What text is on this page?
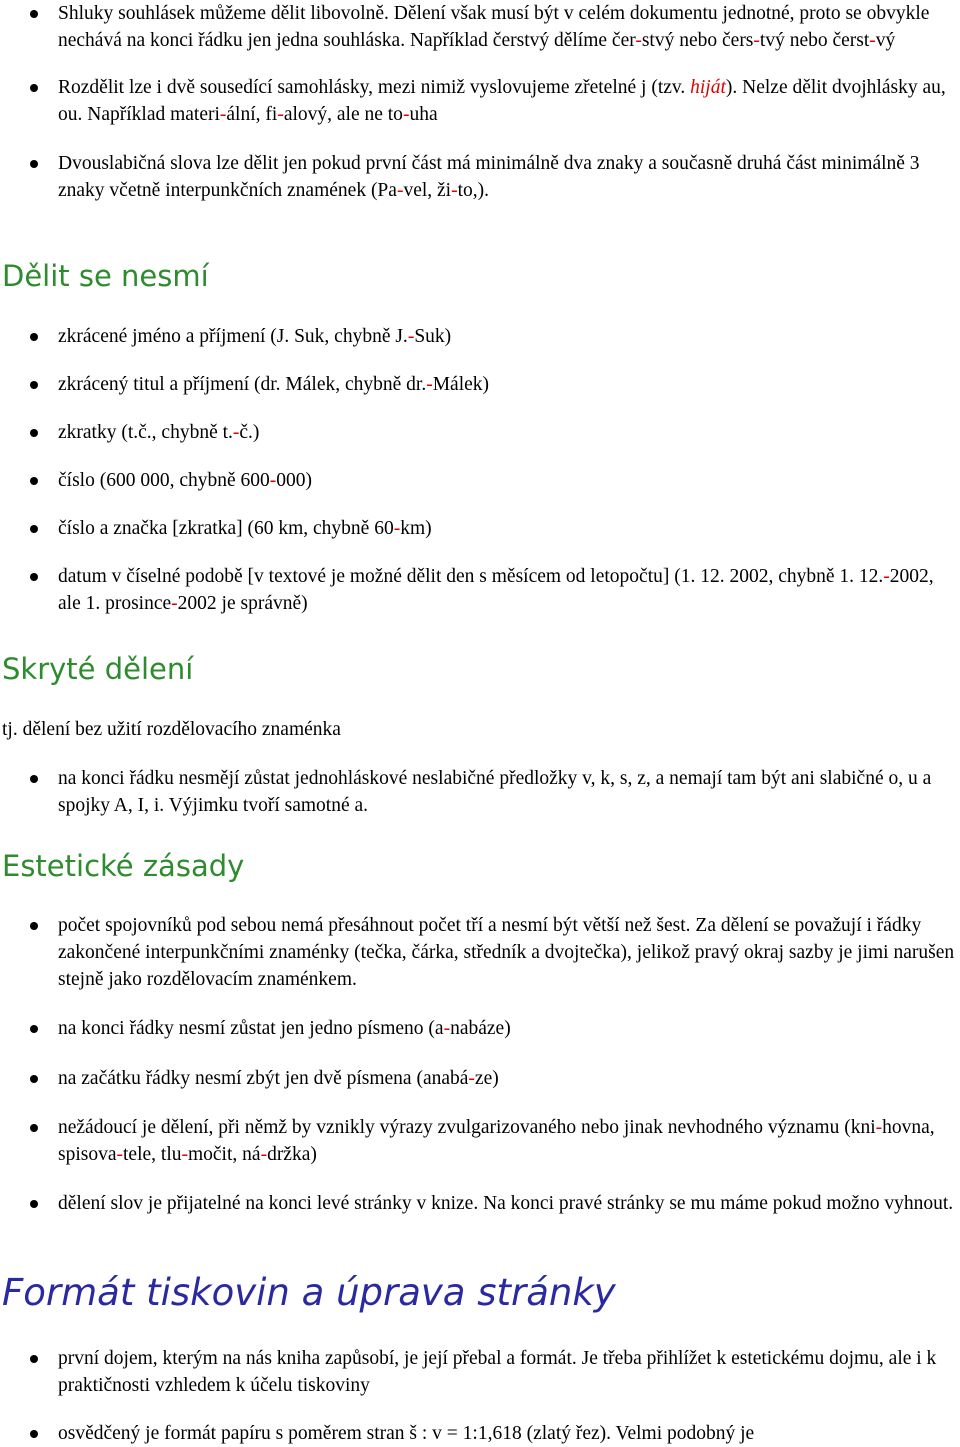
Shluky souhlásek můžeme dělit libovolně. Dělení však musí být v celém dokumentu jednotné, proto se obvykle nechává na konci řádku jen jedna souhláska. Například čerstvý dělíme čer-stvý nebo čers-tvý nebo čerst-vý
Rozdělit lze i dvě sousedící samohlásky, mezi nimiž vyslovujeme zřetelné j (tzv. hiját). Nelze dělit dvojhlásky au, ou. Například materi-ální, fi-alový, ale ne to-uha
Dvouslabičná slova lze dělit jen pokud první část má minimálně dva znaky a současně druhá část minimálně 3 znaky včetně interpunkčních znamének (Pa-vel, ži-to,).
Dělit se nesmí
zkrácené jméno a příjmení (J. Suk, chybně J.-Suk)
zkrácený titul a příjmení (dr. Málek, chybně dr.-Málek)
zkratky (t.č., chybně t.-č.)
číslo (600 000, chybně 600-000)
číslo a značka [zkratka] (60 km, chybně 60-km)
datum v číselné podobě [v textové je možné dělit den s měsícem od letopočtu] (1. 12. 2002, chybně 1. 12.-2002, ale 1. prosince-2002 je správně)
Skryté dělení
tj. dělení bez užití rozdělovacího znaménka
na konci řádku nesmějí zůstat jednohláskové neslabičné předložky v, k, s, z, a nemají tam být ani slabičné o, u a spojky A, I, i. Výjimku tvoří samotné a.
Estetické zásady
počet spojovníků pod sebou nemá přesáhnout počet tří a nesmí být větší než šest. Za dělení se považují i řádky zakončené interpunkčními znaménky (tečka, čárka, středník a dvojtečka), jelikož pravý okraj sazby je jimi narušen stejně jako rozdělovacím znaménkem.
na konci řádky nesmí zůstat jen jedno písmeno (a-nabáze)
na začátku řádky nesmí zbýt jen dvě písmena (anabá-ze)
nežádoucí je dělení, při němž by vznikly výrazy zvulgarizovaného nebo jinak nevhodného významu (kni-hovna, spisova-tele, tlu-močit, ná-držka)
dělení slov je přijatelné na konci levé stránky v knize. Na konci pravé stránky se mu máme pokud možno vyhnout.
Formát tiskovin a úprava stránky
první dojem, kterým na nás kniha zapůsobí, je její přebal a formát. Je třeba přihlížet k estetickému dojmu, ale i k praktičnosti vzhledem k účelu tiskoviny
osvědčený je formát papíru s poměrem stran š : v = 1:1,618 (zlatý řez). Velmi podobný je
